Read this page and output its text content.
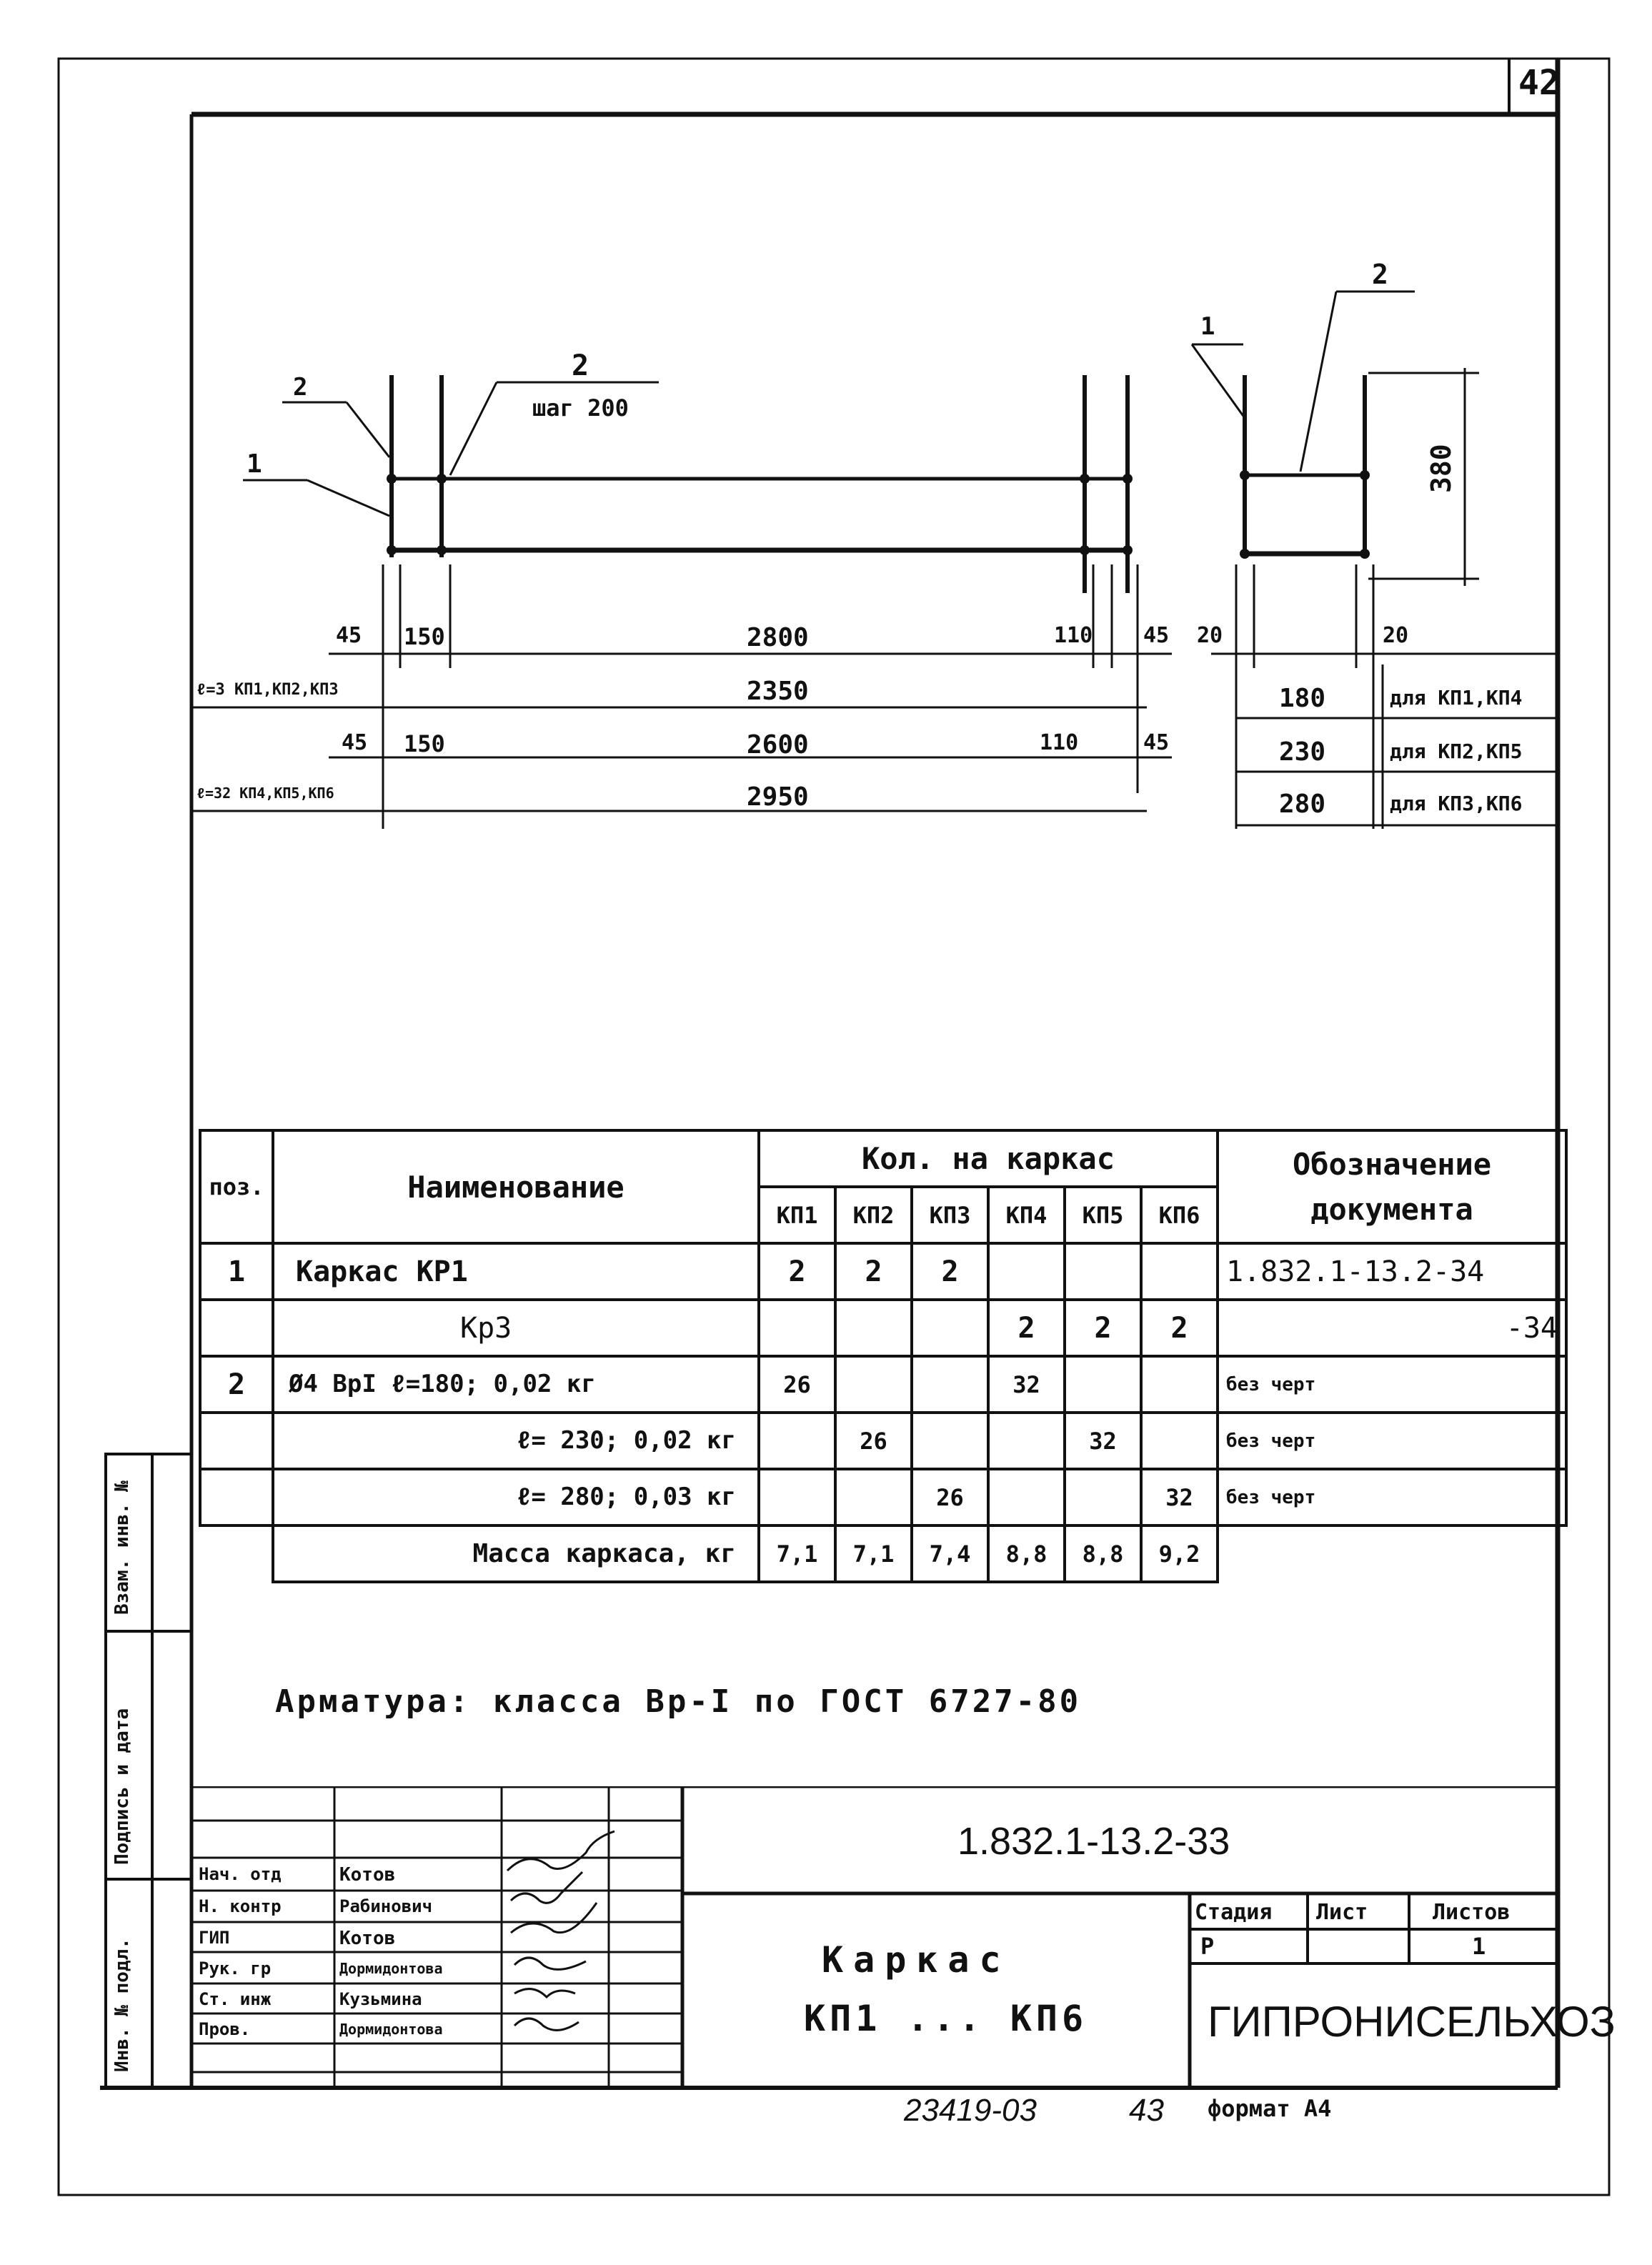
42
2
2
шаг 200
1
45 150	2800	110 45
ℓ=3 КП1,КП2,КП3	2350
45 150	2600	110	45
ℓ=32 КП4,КП5,КП6	2950
1
2
380
20	20
180	для КП1,КП4
230	для КП2,КП5
280	для КП3,КП6
поз.	Наименование	Кол. на каркас						Обозначение
документа

		КП1	КП2	КП3	КП4	КП5	КП6	
1	Каркас КР1	2	2	2				1.832.1-13.2-34
	Кр3				2	2	2	-34
2	Ø4 ВрI ℓ=180; 0,02 кг	26			32			без черт
	ℓ= 230; 0,02 кг		26			32		без черт
	ℓ= 280; 0,03 кг			26			32	без черт
	Масса каркаса, кг	7,1	7,1	7,4	8,8	8,8	9,2	
Арматура: класса Вр-I по ГОСТ 6727-80
Взам. инв. №
Подпись и дата
Инв. № подл.
Нач. отд	Котов
Н. контр	Рабинович
ГИП	Котов
Рук. гр	Дормидонтова
Ст. инж	Кузьмина
Пров.	Дормидонтова
1.832.1-13.2-33
Каркас
КП1 ... КП6
Стадия Лист	Листов
Р	1
ГИПРОНИСЕЛЬХОЗ
23419-03	43 формат А4
